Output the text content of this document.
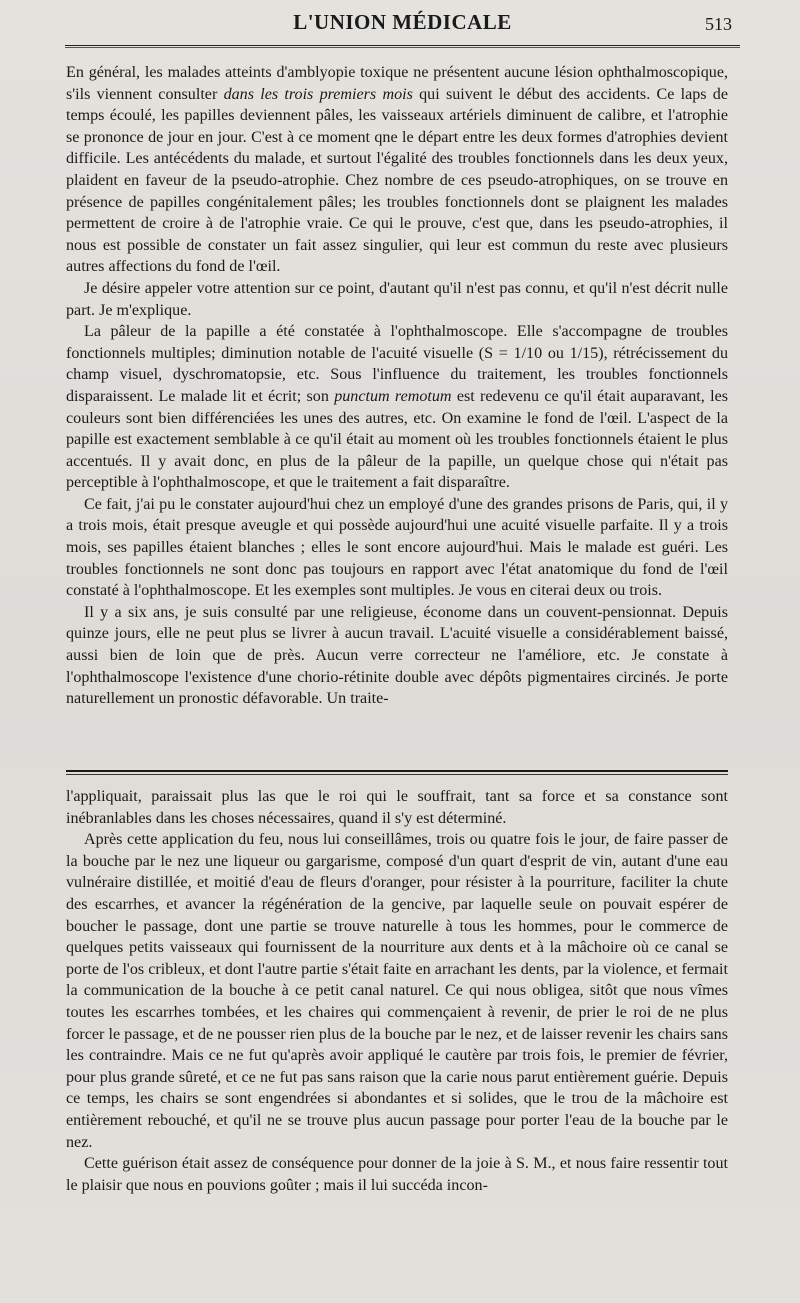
L'UNION MÉDICALE	513

En général, les malades atteints d'amblyopie toxique ne présentent aucune lésion ophthalmoscopique, s'ils viennent consulter dans les trois premiers mois qui suivent le début des accidents. Ce laps de temps écoulé, les papilles deviennent pâles, les vaisseaux artériels diminuent de calibre, et l'atrophie se prononce de jour en jour. C'est à ce moment qne le départ entre les deux formes d'atrophies devient difficile. Les antécédents du malade, et surtout l'égalité des troubles fonctionnels dans les deux yeux, plaident en faveur de la pseudo-atrophie. Chez nombre de ces pseudo-atrophiques, on se trouve en présence de papilles congénitalement pâles; les troubles fonctionnels dont se plaignent les malades permettent de croire à de l'atrophie vraie. Ce qui le prouve, c'est que, dans les pseudo-atrophies, il nous est possible de constater un fait assez singulier, qui leur est commun du reste avec plusieurs autres affections du fond de l'œil.

Je désire appeler votre attention sur ce point, d'autant qu'il n'est pas connu, et qu'il n'est décrit nulle part. Je m'explique.

La pâleur de la papille a été constatée à l'ophthalmoscope. Elle s'accompagne de troubles fonctionnels multiples; diminution notable de l'acuité visuelle (S = 1/10 ou 1/15), rétrécissement du champ visuel, dyschromatopsie, etc. Sous l'influence du traitement, les troubles fonctionnels disparaissent. Le malade lit et écrit; son punctum remotum est redevenu ce qu'il était auparavant, les couleurs sont bien différenciées les unes des autres, etc. On examine le fond de l'œil. L'aspect de la papille est exactement semblable à ce qu'il était au moment où les troubles fonctionnels étaient le plus accentués. Il y avait donc, en plus de la pâleur de la papille, un quelque chose qui n'était pas perceptible à l'ophthalmoscope, et que le traitement a fait disparaître.

Ce fait, j'ai pu le constater aujourd'hui chez un employé d'une des grandes prisons de Paris, qui, il y a trois mois, était presque aveugle et qui possède aujourd'hui une acuité visuelle parfaite. Il y a trois mois, ses papilles étaient blanches ; elles le sont encore aujourd'hui. Mais le malade est guéri. Les troubles fonctionnels ne sont donc pas toujours en rapport avec l'état anatomique du fond de l'œil constaté à l'ophthalmoscope. Et les exemples sont multiples. Je vous en citerai deux ou trois.

Il y a six ans, je suis consulté par une religieuse, économe dans un couvent-pensionnat. Depuis quinze jours, elle ne peut plus se livrer à aucun travail. L'acuité visuelle a considérablement baissé, aussi bien de loin que de près. Aucun verre correcteur ne l'améliore, etc. Je constate à l'ophthalmoscope l'existence d'une chorio-rétinite double avec dépôts pigmentaires circinés. Je porte naturellement un pronostic défavorable. Un traite-

l'appliquait, paraissait plus las que le roi qui le souffrait, tant sa force et sa constance sont inébranlables dans les choses nécessaires, quand il s'y est déterminé.

Après cette application du feu, nous lui conseillâmes, trois ou quatre fois le jour, de faire passer de la bouche par le nez une liqueur ou gargarisme, composé d'un quart d'esprit de vin, autant d'une eau vulnéraire distillée, et moitié d'eau de fleurs d'oranger, pour résister à la pourriture, faciliter la chute des escarrhes, et avancer la régénération de la gencive, par laquelle seule on pouvait espérer de boucher le passage, dont une partie se trouve naturelle à tous les hommes, pour le commerce de quelques petits vaisseaux qui fournissent de la nourriture aux dents et à la mâchoire où ce canal se porte de l'os cribleux, et dont l'autre partie s'était faite en arrachant les dents, par la violence, et fermait la communication de la bouche à ce petit canal naturel. Ce qui nous obligea, sitôt que nous vîmes toutes les escarrhes tombées, et les chaires qui commençaient à revenir, de prier le roi de ne plus forcer le passage, et de ne pousser rien plus de la bouche par le nez, et de laisser revenir les chairs sans les contraindre. Mais ce ne fut qu'après avoir appliqué le cautère par trois fois, le premier de février, pour plus grande sûreté, et ce ne fut pas sans raison que la carie nous parut entièrement guérie. Depuis ce temps, les chairs se sont engendrées si abondantes et si solides, que le trou de la mâchoire est entièrement rebouché, et qu'il ne se trouve plus aucun passage pour porter l'eau de la bouche par le nez.

Cette guérison était assez de conséquence pour donner de la joie à S. M., et nous faire ressentir tout le plaisir que nous en pouvions goûter ; mais il lui succéda incon-
